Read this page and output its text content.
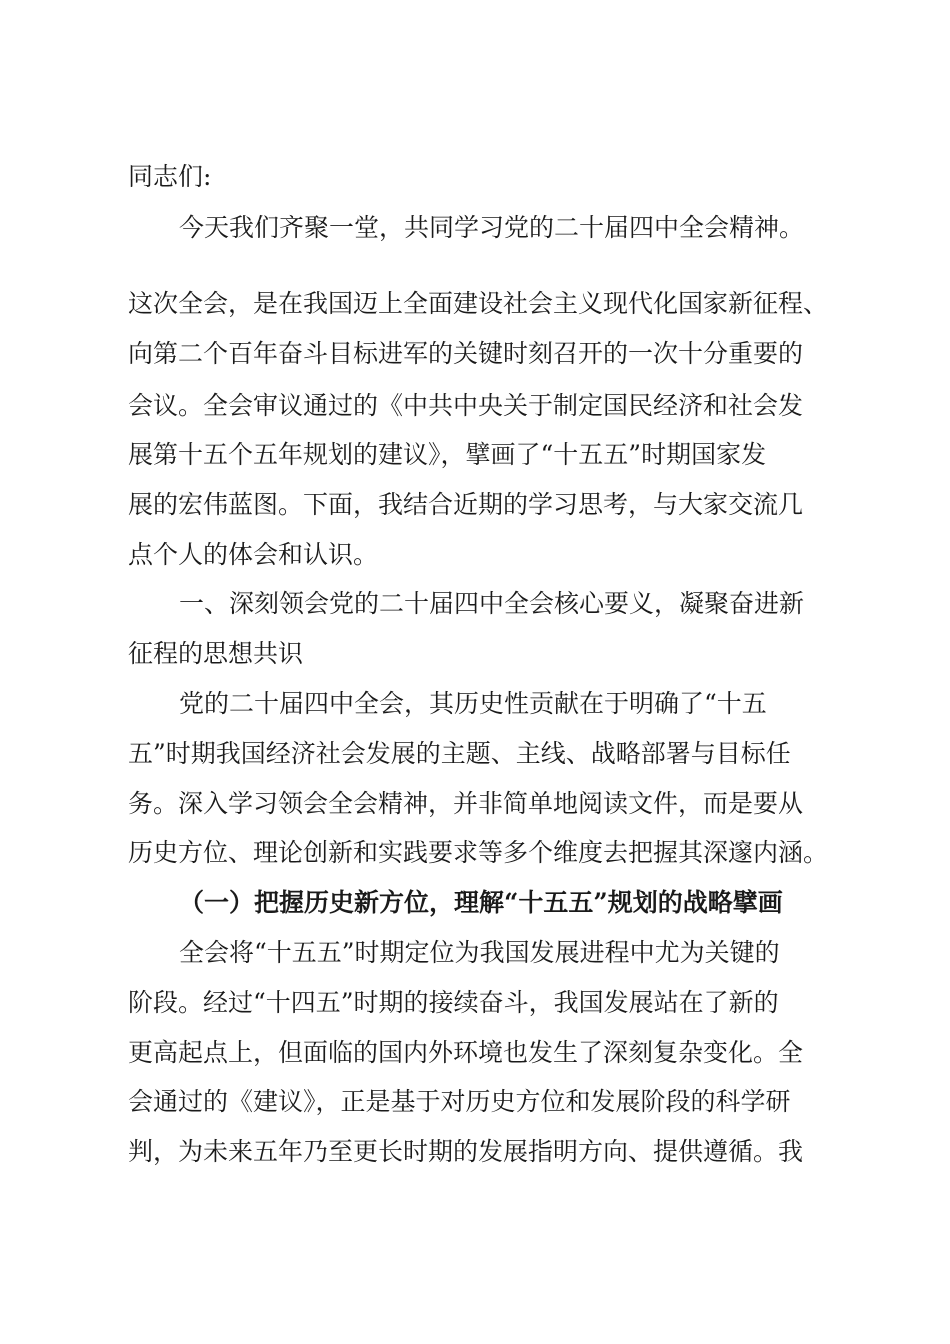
同志们:
今天我们齐聚一堂，共同学习党的二十届四中全会精神。
这次全会，是在我国迈上全面建设社会主义现代化国家新征程、
向第二个百年奋斗目标进军的关键时刻召开的一次十分重要的
会议。全会审议通过的《中共中央关于制定国民经济和社会发
展第十五个五年规划的建议》，擘画了“十五五”时期国家发
展的宏伟蓝图。下面，我结合近期的学习思考，与大家交流几
点个人的体会和认识。
一、深刻领会党的二十届四中全会核心要义，凝聚奋进新
征程的思想共识
党的二十届四中全会，其历史性贡献在于明确了“十五
五”时期我国经济社会发展的主题、主线、战略部署与目标任
务。深入学习领会全会精神，并非简单地阅读文件，而是要从
历史方位、理论创新和实践要求等多个维度去把握其深邃内涵。
（一）把握历史新方位，理解“十五五”规划的战略擘画
全会将“十五五”时期定位为我国发展进程中尤为关键的
阶段。经过“十四五”时期的接续奋斗，我国发展站在了新的
更高起点上，但面临的国内外环境也发生了深刻复杂变化。全
会通过的《建议》，正是基于对历史方位和发展阶段的科学研
判，为未来五年乃至更长时期的发展指明方向、提供遵循。我
